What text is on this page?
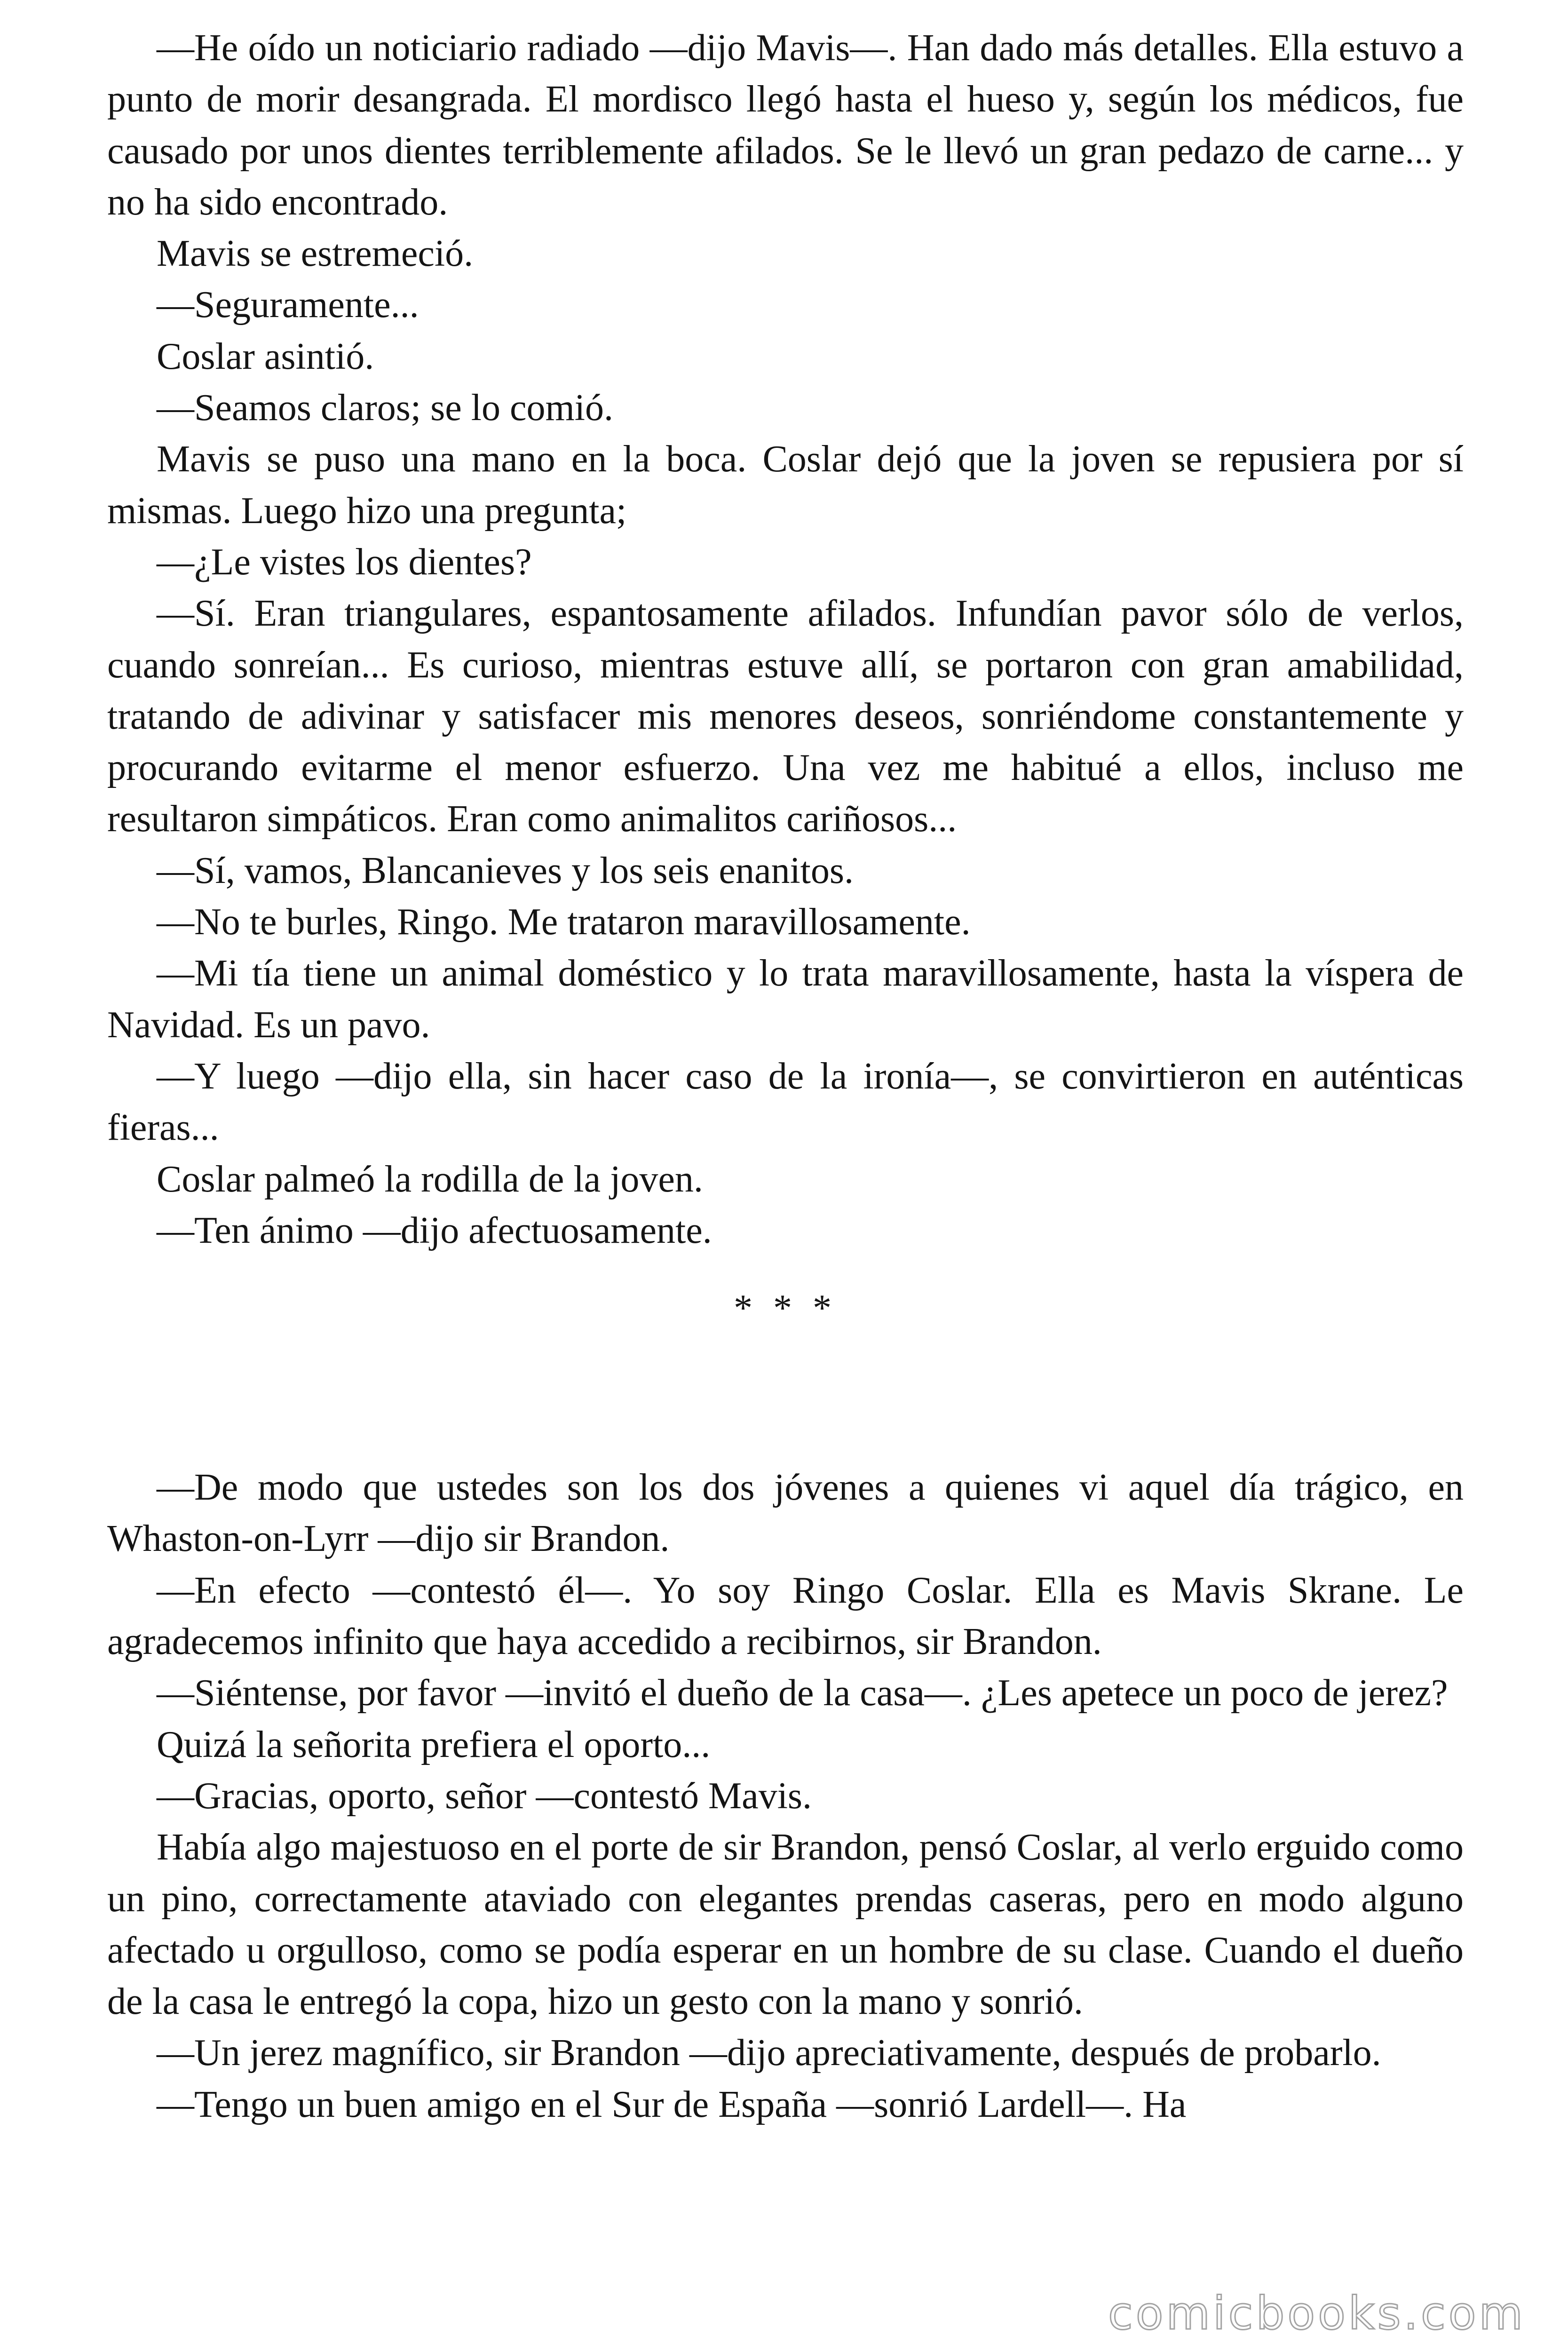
—He oído un noticiario radiado —dijo Mavis—. Han dado más detalles. Ella estuvo a punto de morir desangrada. El mordisco llegó hasta el hueso y, según los médicos, fue causado por unos dientes terriblemente afilados. Se le llevó un gran pedazo de carne... y no ha sido encontrado.

Mavis se estremeció.

—Seguramente...

Coslar asintió.

—Seamos claros; se lo comió.

Mavis se puso una mano en la boca. Coslar dejó que la joven se repusiera por sí mismas. Luego hizo una pregunta;

—¿Le vistes los dientes?

—Sí. Eran triangulares, espantosamente afilados. Infundían pavor sólo de verlos, cuando sonreían... Es curioso, mientras estuve allí, se portaron con gran amabilidad, tratando de adivinar y satisfacer mis menores deseos, sonriéndome constantemente y procurando evitarme el menor esfuerzo. Una vez me habitué a ellos, incluso me resultaron simpáticos. Eran como animalitos cariñosos...

—Sí, vamos, Blancanieves y los seis enanitos.

—No te burles, Ringo. Me trataron maravillosamente.

—Mi tía tiene un animal doméstico y lo trata maravillosamente, hasta la víspera de Navidad. Es un pavo.

—Y luego —dijo ella, sin hacer caso de la ironía—, se convirtieron en auténticas fieras...

Coslar palmeó la rodilla de la joven.

—Ten ánimo —dijo afectuosamente.

* * *

—De modo que ustedes son los dos jóvenes a quienes vi aquel día trágico, en Whaston-on-Lyrr —dijo sir Brandon.

—En efecto —contestó él—. Yo soy Ringo Coslar. Ella es Mavis Skrane. Le agradecemos infinito que haya accedido a recibirnos, sir Brandon.

—Siéntense, por favor —invitó el dueño de la casa—. ¿Les apetece un poco de jerez?

Quizá la señorita prefiera el oporto...

—Gracias, oporto, señor —contestó Mavis.

Había algo majestuoso en el porte de sir Brandon, pensó Coslar, al verlo erguido como un pino, correctamente ataviado con elegantes prendas caseras, pero en modo alguno afectado u orgulloso, como se podía esperar en un hombre de su clase. Cuando el dueño de la casa le entregó la copa, hizo un gesto con la mano y sonrió.

—Un jerez magnífico, sir Brandon —dijo apreciativamente, después de probarlo.

—Tengo un buen amigo en el Sur de España —sonrió Lardell—. Ha

comicbooks.com
